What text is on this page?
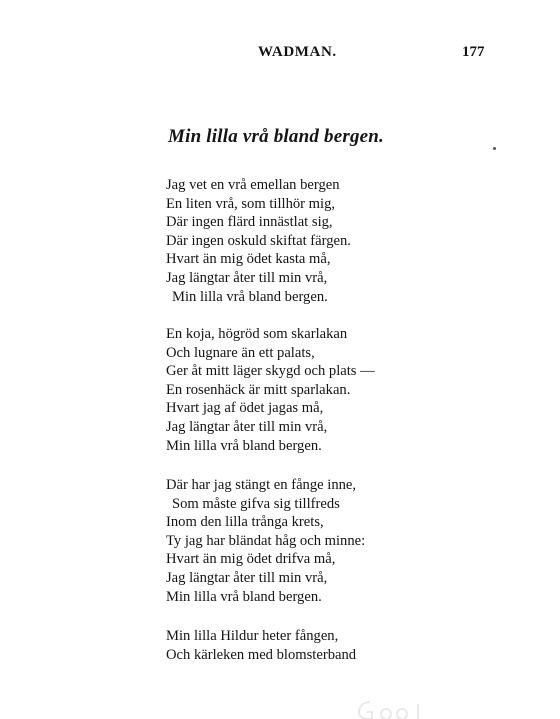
WADMAN.	177
Min lilla vrå bland bergen.
Jag vet en vrå emellan bergen
En liten vrå, som tillhör mig,
Där ingen flärd innästlat sig,
Där ingen oskuld skiftat färgen.
Hvart än mig ödet kasta må,
Jag längtar åter till min vrå,
Min lilla vrå bland bergen.
En koja, högröd som skarlakan
Och lugnare än ett palats,
Ger åt mitt läger skygd och plats —
En rosenhäck är mitt sparlakan.
Hvart jag af ödet jagas må,
Jag längtar åter till min vrå,
Min lilla vrå bland bergen.
Där har jag stängt en fånge inne,
Som måste gifva sig tillfreds
Inom den lilla trånga krets,
Ty jag har bländat håg och minne:
Hvart än mig ödet drifva må,
Jag längtar åter till min vrå,
Min lilla vrå bland bergen.
Min lilla Hildur heter fången,
Och kärleken med blomsterband
